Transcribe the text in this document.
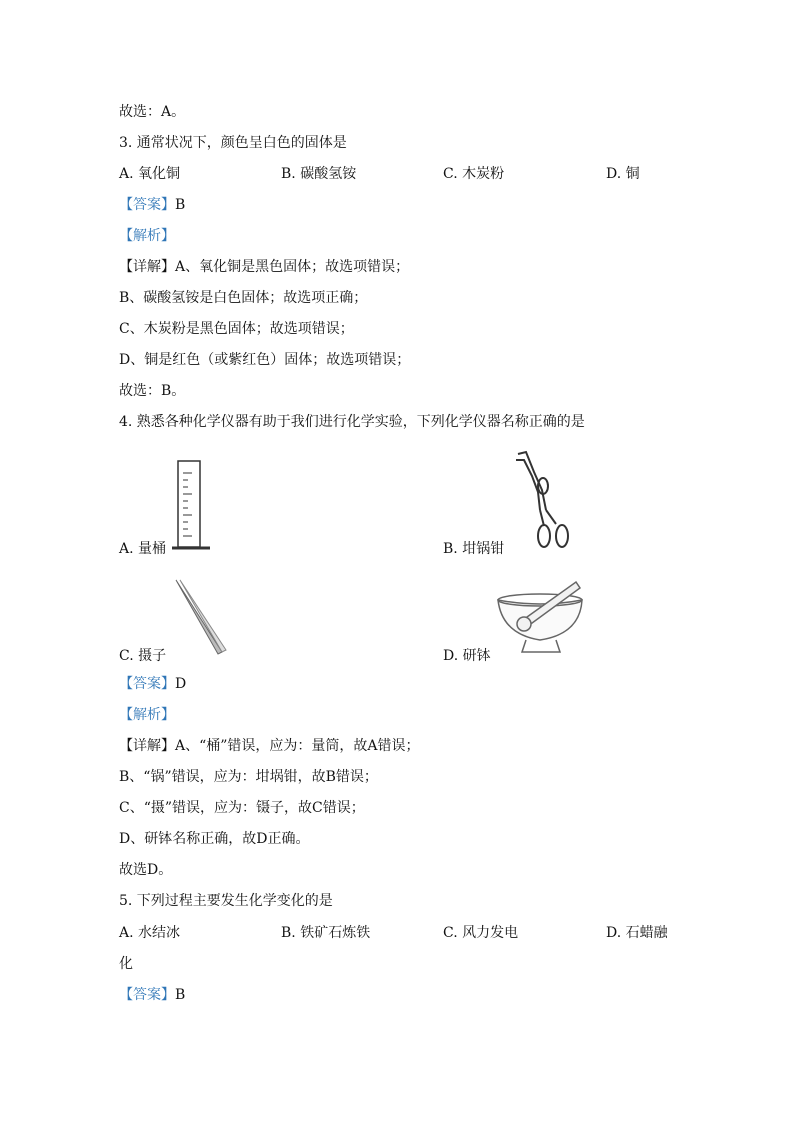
故选：A。
3. 通常状况下，颜色呈白色的固体是
A. 氧化铜	B. 碳酸氢铵	C. 木炭粉	D. 铜
【答案】B
【解析】
【详解】A、氧化铜是黑色固体；故选项错误；
B、碳酸氢铵是白色固体；故选项正确；
C、木炭粉是黑色固体；故选项错误；
D、铜是红色（或紫红色）固体；故选项错误；
故选：B。
4. 熟悉各种化学仪器有助于我们进行化学实验，下列化学仪器名称正确的是
A. 量桶	B. 坩锅钳
C. 摄子	D. 研钵
【答案】D
【解析】
【详解】A、“桶”错误，应为：量筒，故A错误；
B、“锅”错误，应为：坩埚钳，故B错误；
C、“摄”错误，应为：镊子，故C错误；
D、研钵名称正确，故D正确。
故选D。
5. 下列过程主要发生化学变化的是
A. 水结冰	B. 铁矿石炼铁	C. 风力发电	D. 石蜡融
化
【答案】B
